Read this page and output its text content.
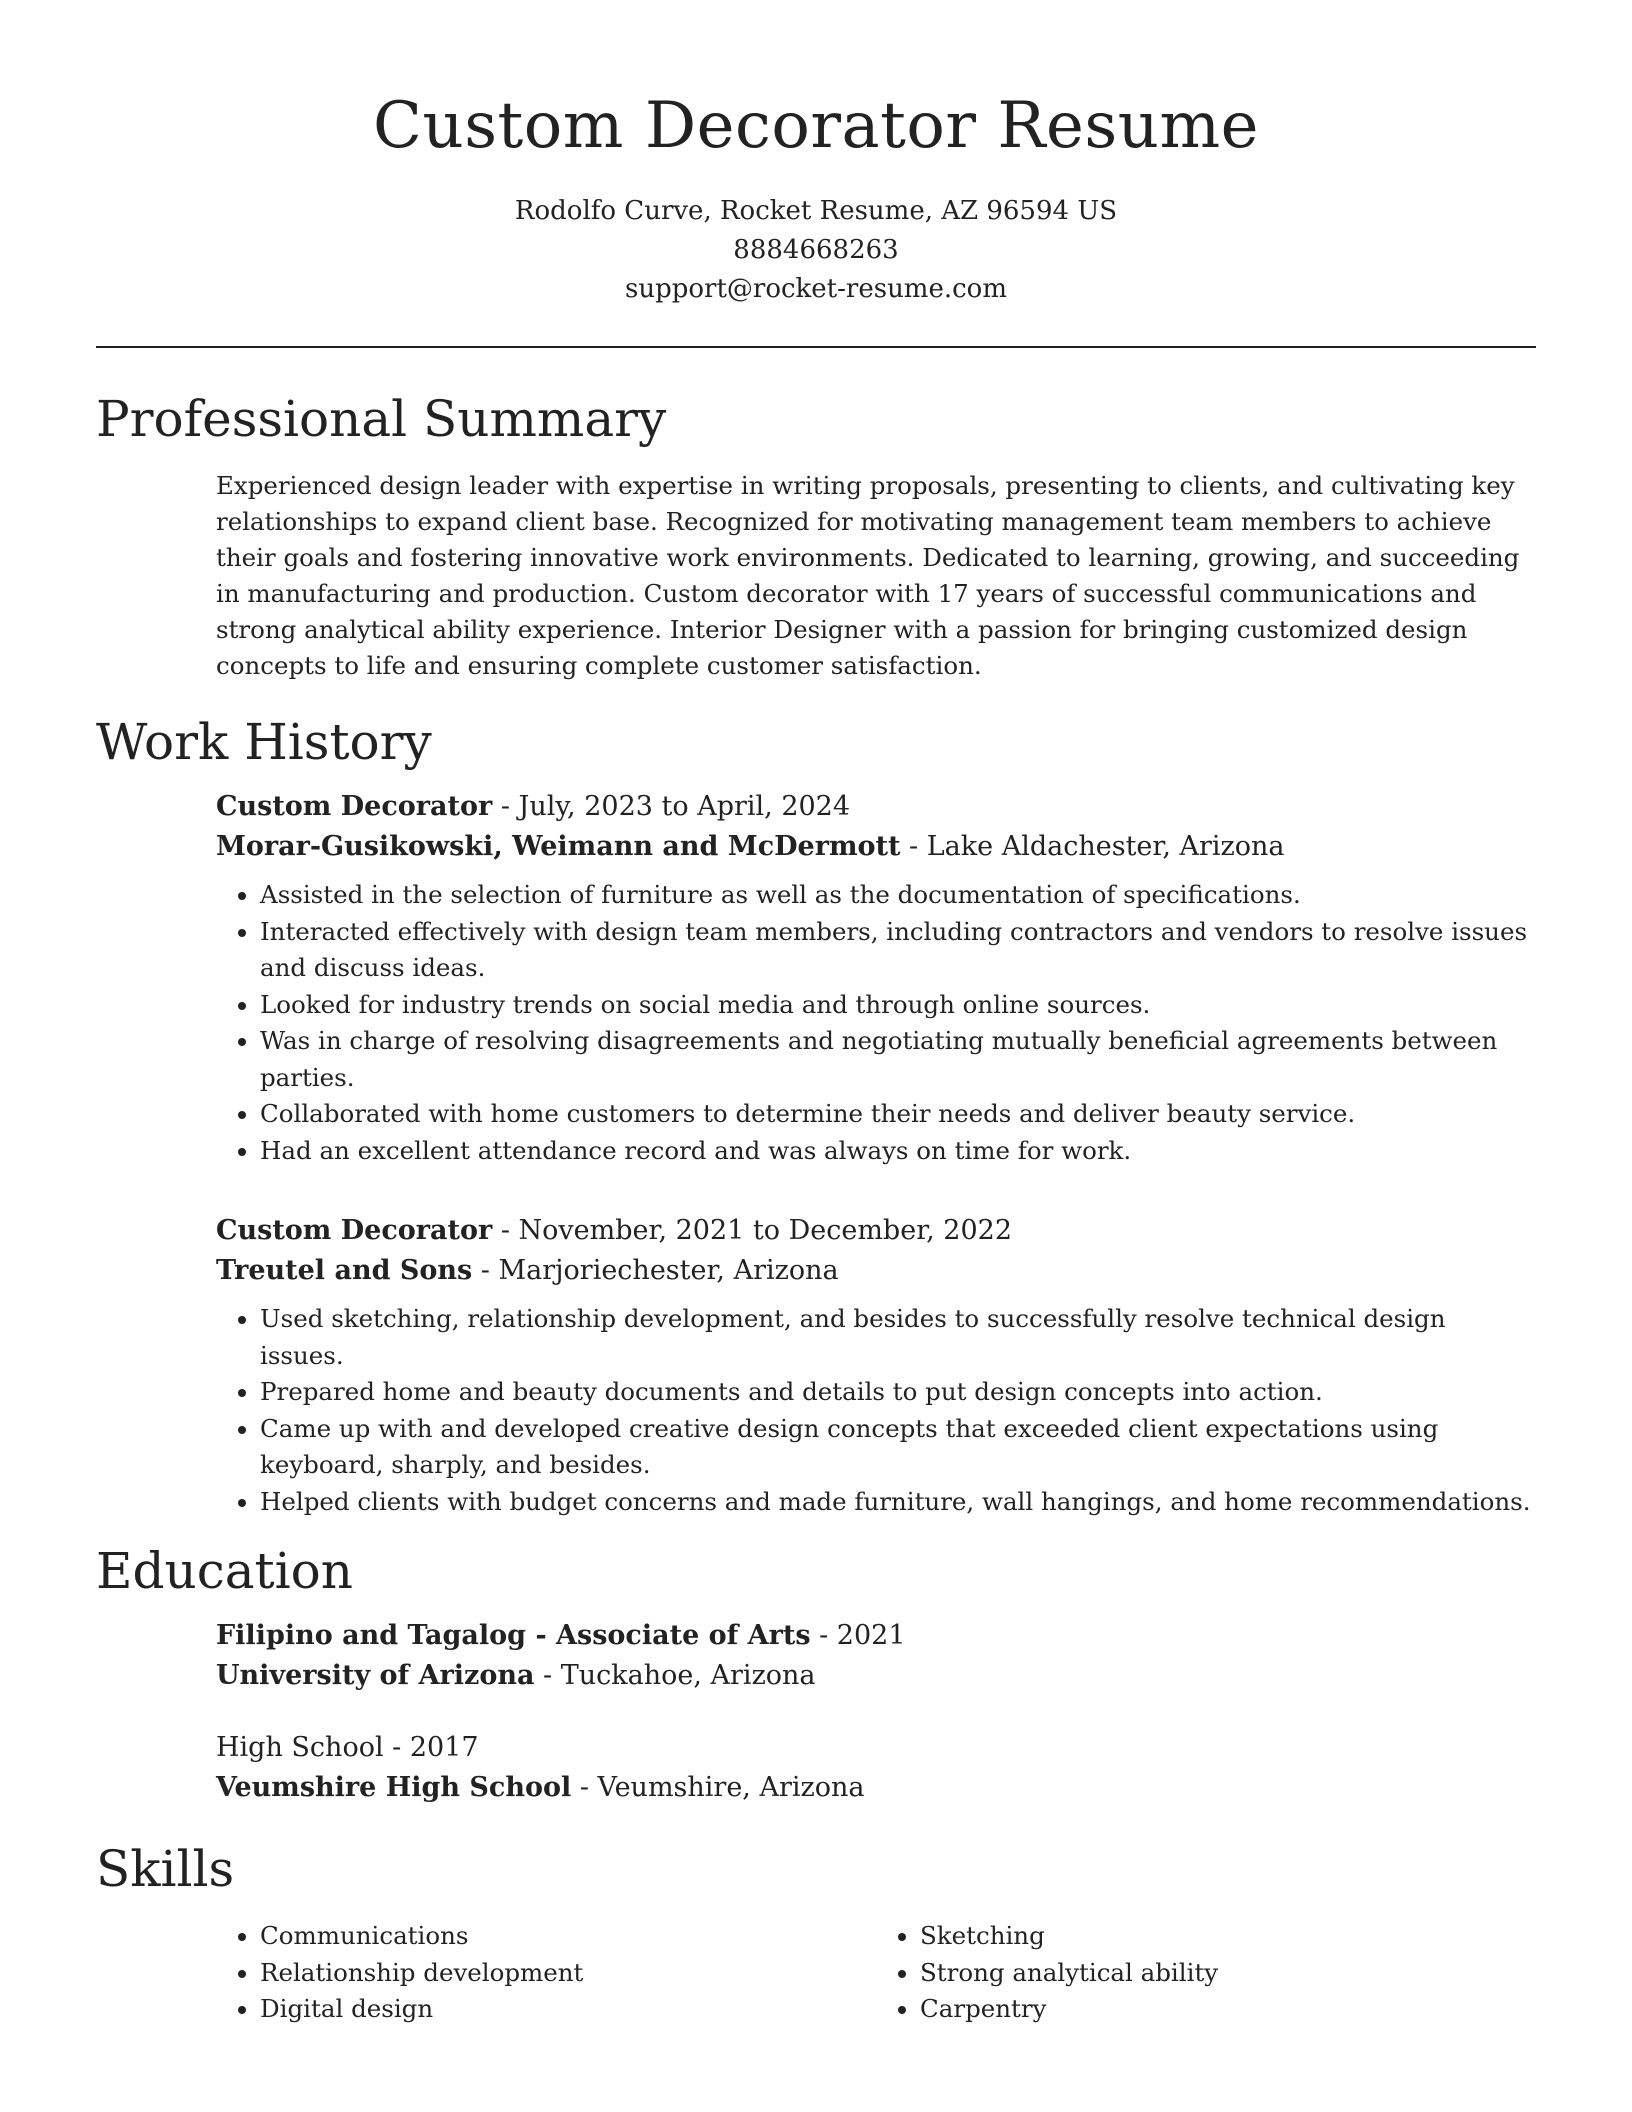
Custom Decorator Resume
Rodolfo Curve, Rocket Resume, AZ 96594 US
8884668263
support@rocket-resume.com
Professional Summary

Experienced design leader with expertise in writing proposals, presenting to clients, and cultivating key relationships to expand client base. Recognized for motivating management team members to achieve their goals and fostering innovative work environments. Dedicated to learning, growing, and succeeding in manufacturing and production. Custom decorator with 17 years of successful communications and strong analytical ability experience. Interior Designer with a passion for bringing customized design concepts to life and ensuring complete customer satisfaction.

Work History
Custom Decorator - July, 2023 to April, 2024
Morar-Gusikowski, Weimann and McDermott - Lake Aldachester, Arizona
• Assisted in the selection of furniture as well as the documentation of specifications.
• Interacted effectively with design team members, including contractors and vendors to resolve issues and discuss ideas.
• Looked for industry trends on social media and through online sources.
• Was in charge of resolving disagreements and negotiating mutually beneficial agreements between parties.
• Collaborated with home customers to determine their needs and deliver beauty service.
• Had an excellent attendance record and was always on time for work.
Custom Decorator - November, 2021 to December, 2022
Treutel and Sons - Marjoriechester, Arizona
• Used sketching, relationship development, and besides to successfully resolve technical design issues.
• Prepared home and beauty documents and details to put design concepts into action.
• Came up with and developed creative design concepts that exceeded client expectations using keyboard, sharply, and besides.
• Helped clients with budget concerns and made furniture, wall hangings, and home recommendations.
Education
Filipino and Tagalog - Associate of Arts - 2021
University of Arizona - Tuckahoe, Arizona
High School - 2017
Veumshire High School - Veumshire, Arizona
Skills
• Communications
• Relationship development
• Digital design
• Sketching
• Strong analytical ability
• Carpentry
